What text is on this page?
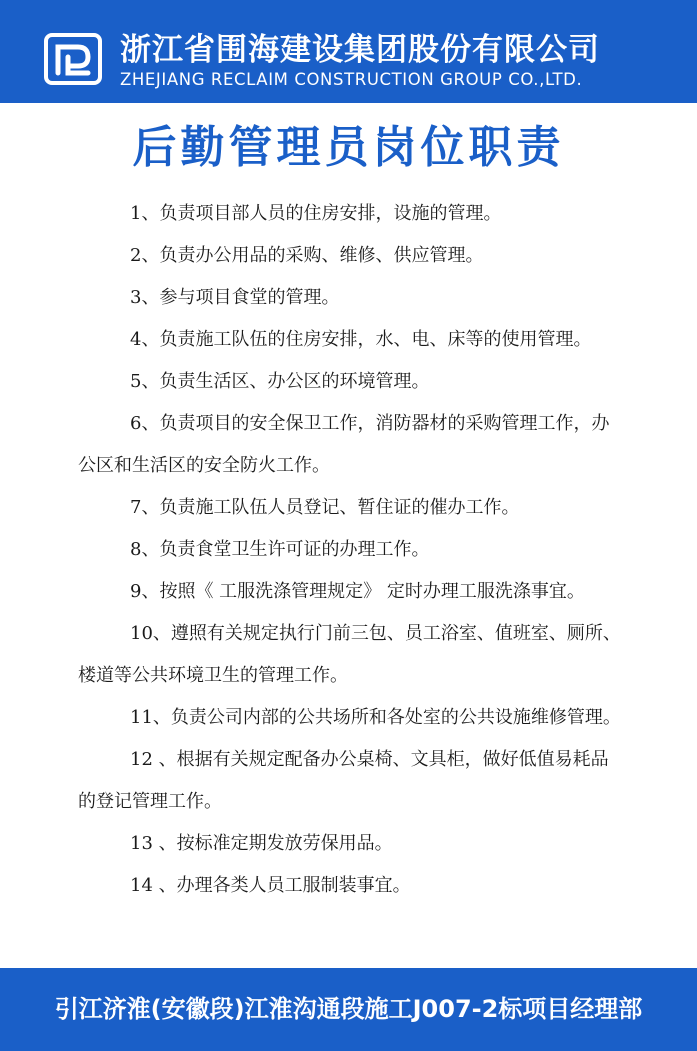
浙江省围海建设集团股份有限公司
ZHEJIANG RECLAIM CONSTRUCTION GROUP CO.,LTD.
后勤管理员岗位职责
1、负责项目部人员的住房安排，设施的管理。
2、负责办公用品的采购、维修、供应管理。
3、参与项目食堂的管理。
4、负责施工队伍的住房安排，水、电、床等的使用管理。
5、负责生活区、办公区的环境管理。
6、负责项目的安全保卫工作，消防器材的采购管理工作，办公区和生活区的安全防火工作。
7、负责施工队伍人员登记、暂住证的催办工作。
8、负责食堂卫生许可证的办理工作。
9、按照《 工服洗涤管理规定》 定时办理工服洗涤事宜。
10、遵照有关规定执行门前三包、员工浴室、值班室、厕所、楼道等公共环境卫生的管理工作。
11、负责公司内部的公共场所和各处室的公共设施维修管理。
12 、根据有关规定配备办公桌椅、文具柜，做好低值易耗品的登记管理工作。
13 、按标准定期发放劳保用品。
14 、办理各类人员工服制装事宜。
引江济淮(安徽段)江淮沟通段施工J007-2标项目经理部
